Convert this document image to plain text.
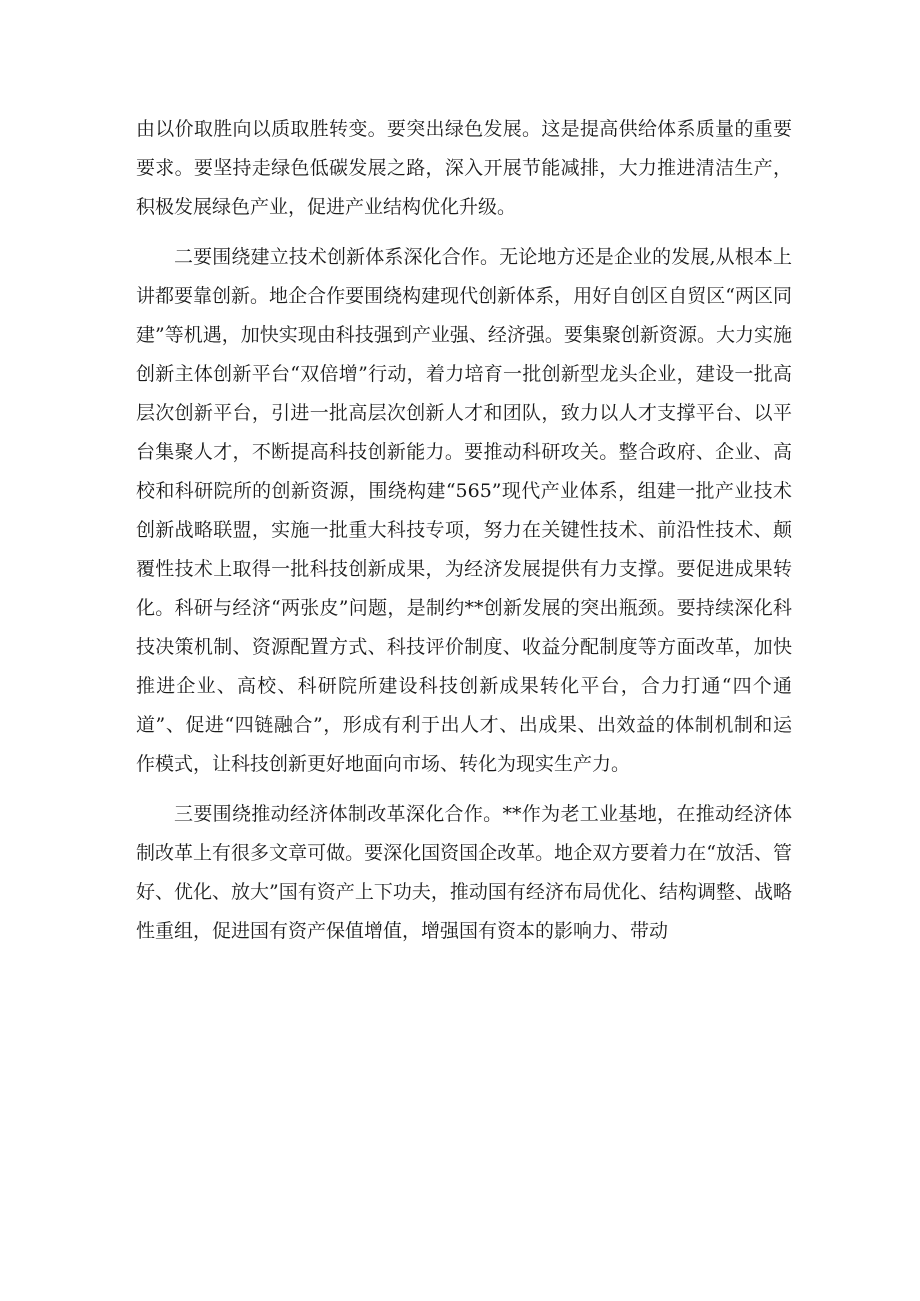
由以价取胜向以质取胜转变。要突出绿色发展。这是提高供给体系质量的重要要求。要坚持走绿色低碳发展之路，深入开展节能减排，大力推进清洁生产，积极发展绿色产业，促进产业结构优化升级。

二要围绕建立技术创新体系深化合作。无论地方还是企业的发展,从根本上讲都要靠创新。地企合作要围绕构建现代创新体系，用好自创区自贸区“两区同建”等机遇，加快实现由科技强到产业强、经济强。要集聚创新资源。大力实施创新主体创新平台“双倍增”行动，着力培育一批创新型龙头企业，建设一批高层次创新平台，引进一批高层次创新人才和团队，致力以人才支撑平台、以平台集聚人才，不断提高科技创新能力。要推动科研攻关。整合政府、企业、高校和科研院所的创新资源，围绕构建“565”现代产业体系，组建一批产业技术创新战略联盟，实施一批重大科技专项，努力在关键性技术、前沿性技术、颠覆性技术上取得一批科技创新成果，为经济发展提供有力支撑。要促进成果转化。科研与经济“两张皮”问题，是制约**创新发展的突出瓶颈。要持续深化科技决策机制、资源配置方式、科技评价制度、收益分配制度等方面改革，加快推进企业、高校、科研院所建设科技创新成果转化平台，合力打通“四个通道”、促进“四链融合”，形成有利于出人才、出成果、出效益的体制机制和运作模式，让科技创新更好地面向市场、转化为现实生产力。

三要围绕推动经济体制改革深化合作。**作为老工业基地，在推动经济体制改革上有很多文章可做。要深化国资国企改革。地企双方要着力在“放活、管好、优化、放大”国有资产上下功夫，推动国有经济布局优化、结构调整、战略性重组，促进国有资产保值增值，增强国有资本的影响力、带动
